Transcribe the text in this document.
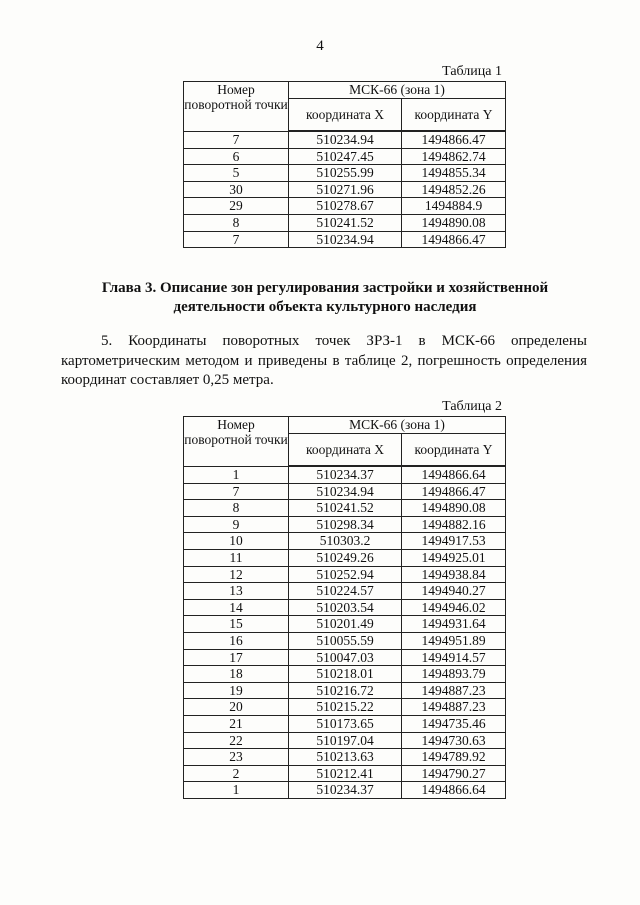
4
Таблица 1
Номер поворотной точки	МСК-66 (зона 1)	
	координата X	координата Y
7	510234.94	1494866.47
6	510247.45	1494862.74
5	510255.99	1494855.34
30	510271.96	1494852.26
29	510278.67	1494884.9
8	510241.52	1494890.08
7	510234.94	1494866.47
Глава 3. Описание зон регулирования застройки и хозяйственной деятельности объекта культурного наследия
5. Координаты поворотных точек ЗРЗ-1 в МСК-66 определены картометрическим методом и приведены в таблице 2, погрешность определения координат составляет 0,25 метра.
Таблица 2
Номер поворотной точки	МСК-66 (зона 1)	
	координата X	координата Y
1	510234.37	1494866.64
7	510234.94	1494866.47
8	510241.52	1494890.08
9	510298.34	1494882.16
10	510303.2	1494917.53
11	510249.26	1494925.01
12	510252.94	1494938.84
13	510224.57	1494940.27
14	510203.54	1494946.02
15	510201.49	1494931.64
16	510055.59	1494951.89
17	510047.03	1494914.57
18	510218.01	1494893.79
19	510216.72	1494887.23
20	510215.22	1494887.23
21	510173.65	1494735.46
22	510197.04	1494730.63
23	510213.63	1494789.92
2	510212.41	1494790.27
1	510234.37	1494866.64
